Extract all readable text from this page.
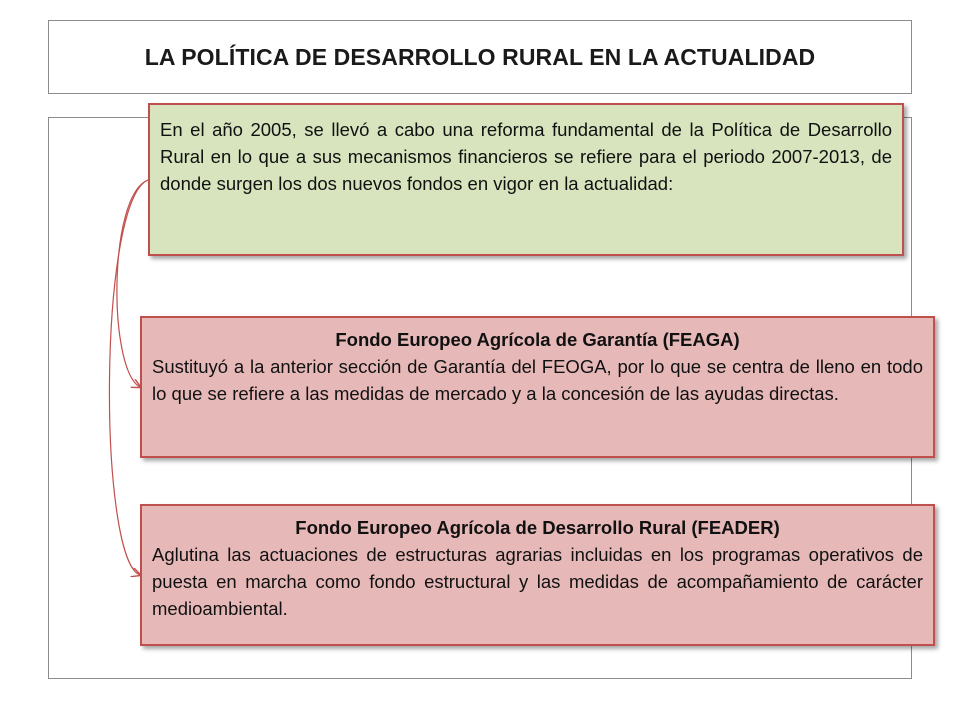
LA POLÍTICA DE DESARROLLO RURAL EN LA ACTUALIDAD
En el año 2005, se llevó a cabo una reforma fundamental de la Política de Desarrollo Rural en lo que a sus mecanismos financieros se refiere para el periodo 2007-2013, de donde surgen los dos nuevos fondos en vigor en la actualidad:
Fondo Europeo Agrícola de Garantía (FEAGA)
Sustituyó a la anterior sección de Garantía del FEOGA, por lo que se centra de lleno en todo lo que se refiere a las medidas de mercado y a la concesión de las ayudas directas.
Fondo Europeo Agrícola de Desarrollo Rural (FEADER)
Aglutina las actuaciones de estructuras agrarias incluidas en los programas operativos de puesta en marcha como fondo estructural y las medidas de acompañamiento de carácter medioambiental.
